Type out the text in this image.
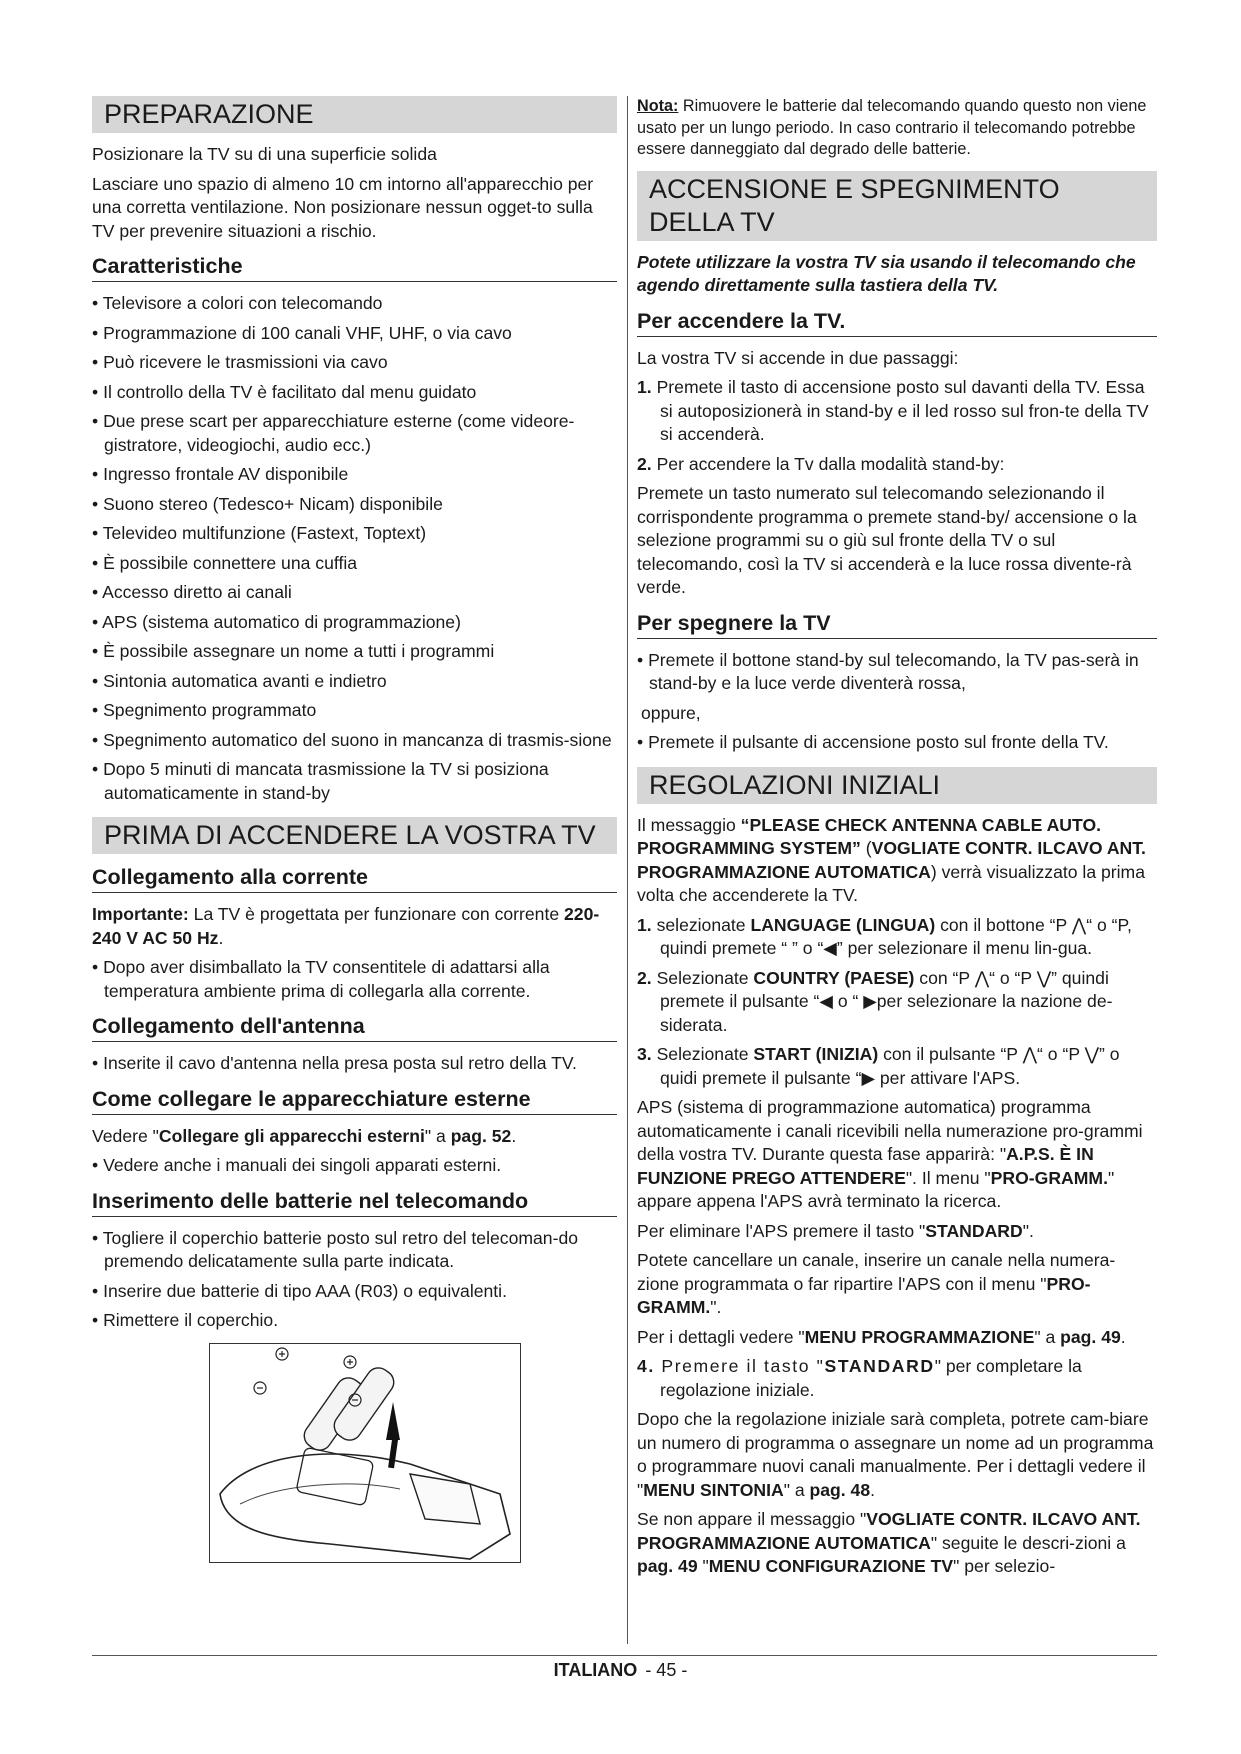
PREPARAZIONE

Posizionare la TV su di una superficie solida

Lasciare uno spazio di almeno 10 cm intorno all'apparecchio per una corretta ventilazione. Non posizionare nessun ogget-to sulla TV per prevenire situazioni a rischio.

Caratteristiche
• Televisore a colori con telecomando
• Programmazione di 100 canali VHF, UHF, o via cavo
• Può ricevere le trasmissioni via cavo
• Il controllo della TV è facilitato dal menu guidato
• Due prese scart per apparecchiature esterne (come videore-gistratore, videogiochi, audio ecc.)
• Ingresso frontale AV disponibile
• Suono stereo (Tedesco+ Nicam) disponibile
• Televideo multifunzione (Fastext, Toptext)
• È possibile connettere una cuffia
• Accesso diretto ai canali
• APS (sistema automatico di programmazione)
• È possibile assegnare un nome a tutti i programmi
• Sintonia automatica avanti e indietro
• Spegnimento programmato
• Spegnimento automatico del suono in mancanza di trasmis-sione
• Dopo 5 minuti di mancata trasmissione la TV si posiziona automaticamente in stand-by
PRIMA DI ACCENDERE LA VOSTRA TV
Collegamento alla corrente

Importante: La TV è progettata per funzionare con corrente 220-240 V AC 50 Hz.

• Dopo aver disimballato la TV consentitele di adattarsi alla temperatura ambiente prima di collegarla alla corrente.
Collegamento dell'antenna
• Inserite il cavo d'antenna nella presa posta sul retro della TV.
Come collegare le apparecchiature esterne

Vedere "Collegare gli apparecchi esterni" a pag. 52.

• Vedere anche i manuali dei singoli apparati esterni.
Inserimento delle batterie nel telecomando
• Togliere il coperchio batterie posto sul retro del telecoman-do premendo delicatamente sulla parte indicata.
• Inserire due batterie di tipo AAA (R03) o equivalenti.
• Rimettere il coperchio.

Nota: Rimuovere le batterie dal telecomando quando questo non viene usato per un lungo periodo. In caso contrario il telecomando potrebbe essere danneggiato dal degrado delle batterie.

ACCENSIONE E SPEGNIMENTO DELLA TV

Potete utilizzare la vostra TV sia usando il telecomando che agendo direttamente sulla tastiera della TV.

Per accendere la TV.

La vostra TV si accende in due passaggi:

1. Premete il tasto di accensione posto sul davanti della TV. Essa si autoposizionerà in stand-by e il led rosso sul fron-te della TV si accenderà.
2. Per accendere la Tv dalla modalità stand-by:

Premete un tasto numerato sul telecomando selezionando il corrispondente programma o premete stand-by/ accensione o la selezione programmi su o giù sul fronte della TV o sul telecomando, così la TV si accenderà e la luce rossa divente-rà verde.

Per spegnere la TV
• Premete il bottone stand-by sul telecomando, la TV pas-serà in stand-by e la luce verde diventerà rossa,

oppure,

• Premete il pulsante di accensione posto sul fronte della TV.
REGOLAZIONI INIZIALI

Il messaggio “PLEASE CHECK ANTENNA CABLE AUTO. PROGRAMMING SYSTEM” (VOGLIATE CONTR. ILCAVO ANT. PROGRAMMAZIONE AUTOMATICA) verrà visualizzato la prima volta che accenderete la TV.

1. selezionate LANGUAGE (LINGUA) con il bottone “P ⋀“ o “P, quindi premete “ ” o “◀” per selezionare il menu lin-gua.
2. Selezionate COUNTRY (PAESE) con “P ⋀“ o “P ⋁” quindi premete il pulsante “◀ o “ ▶per selezionare la nazione de-siderata.
3. Selezionate START (INIZIA) con il pulsante “P ⋀“ o “P ⋁” o quidi premete il pulsante “▶ per attivare l'APS.

APS (sistema di programmazione automatica) programma automaticamente i canali ricevibili nella numerazione pro-grammi della vostra TV. Durante questa fase apparirà: "A.P.S. È IN FUNZIONE PREGO ATTENDERE". Il menu "PRO-GRAMM." appare appena l'APS avrà terminato la ricerca.

Per eliminare l'APS premere il tasto "STANDARD".

Potete cancellare un canale, inserire un canale nella numera-zione programmata o far ripartire l'APS con il menu "PRO-GRAMM.".

Per i dettagli vedere "MENU PROGRAMMAZIONE" a pag. 49.

4. Premere il tasto "STANDARD" per completare la regolazione iniziale.

Dopo che la regolazione iniziale sarà completa, potrete cam-biare un numero di programma o assegnare un nome ad un programma o programmare nuovi canali manualmente. Per i dettagli vedere il "MENU SINTONIA" a pag. 48.

Se non appare il messaggio "VOGLIATE CONTR. ILCAVO ANT. PROGRAMMAZIONE AUTOMATICA" seguite le descri-zioni a pag. 49 "MENU CONFIGURAZIONE TV" per selezio-

ITALIANO - 45 -
